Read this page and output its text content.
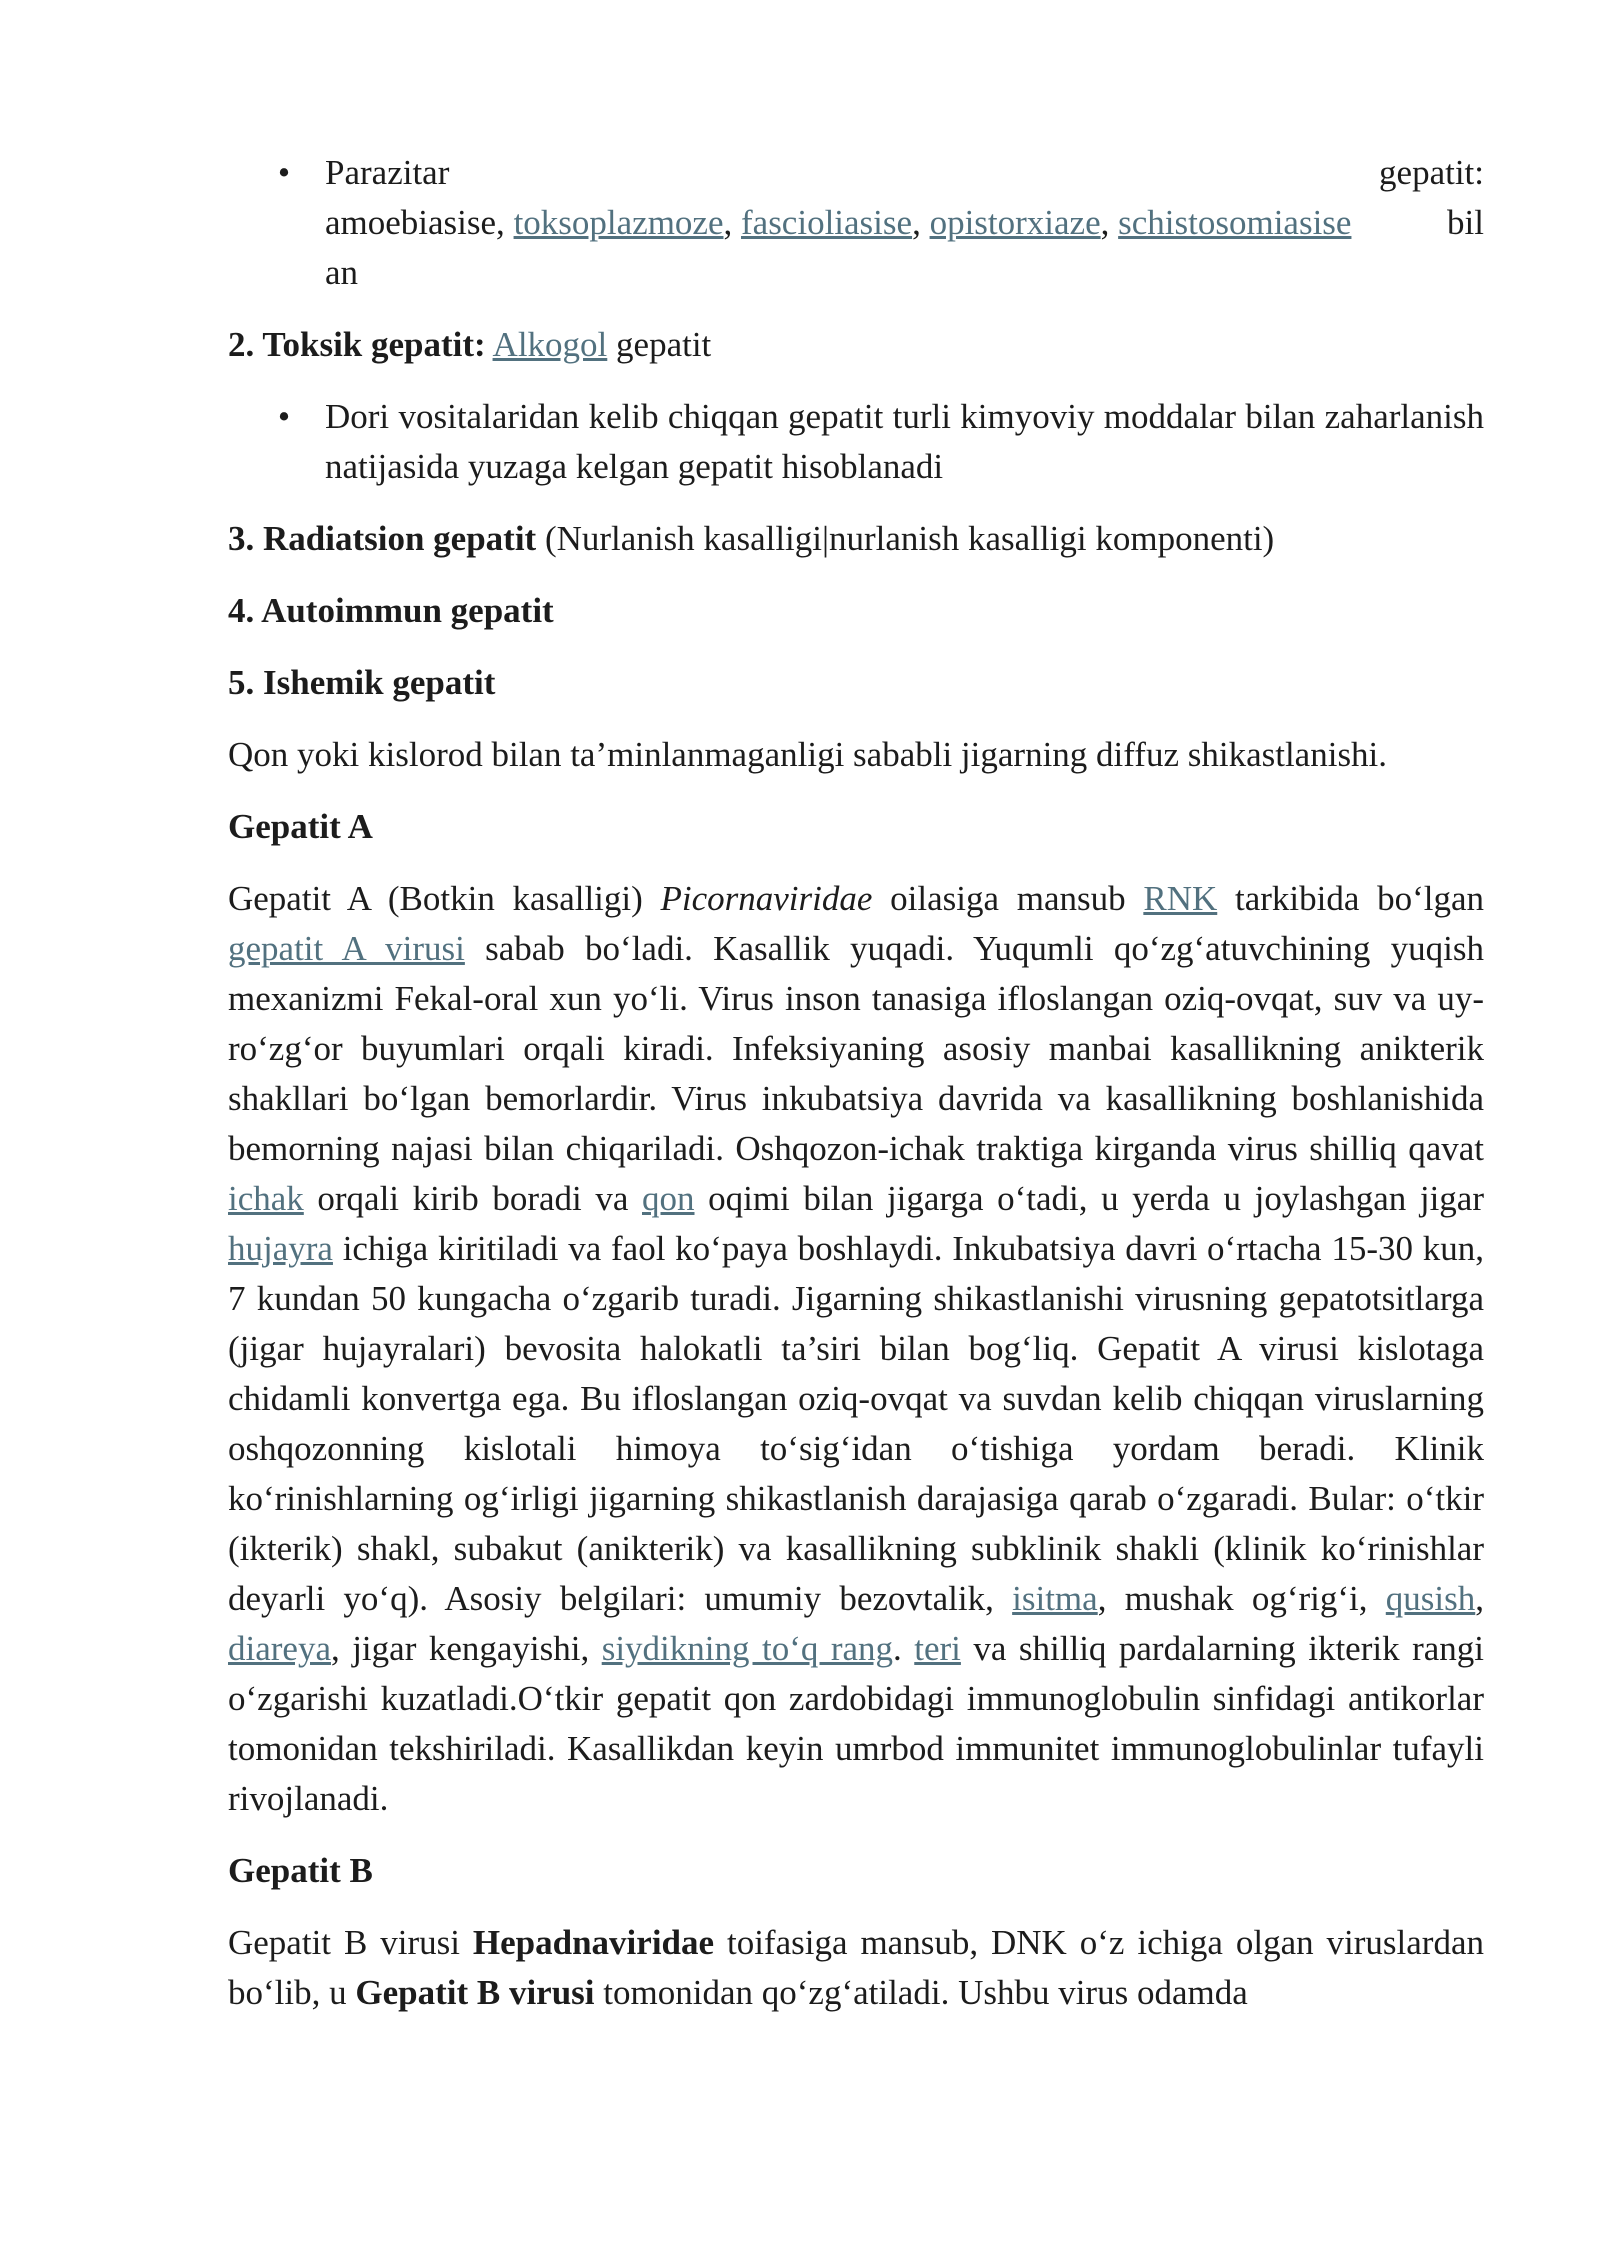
• Parazitar	gepatit:
amoebiasise, toksoplazmoze, fascioliasise, opistorxiaze, schistosomiasise	bil
an

2. Toksik gepatit: Alkogol gepatit

• Dori vositalaridan kelib chiqqan gepatit turli kimyoviy moddalar bilan zaharlanish natijasida yuzaga kelgan gepatit hisoblanadi

3. Radiatsion gepatit (Nurlanish kasalligi|nurlanish kasalligi komponenti)

4. Autoimmun gepatit

5. Ishemik gepatit

Qon yoki kislorod bilan ta’minlanmaganligi sababli jigarning diffuz shikastlanishi.

Gepatit A

Gepatit A (Botkin kasalligi) Picornaviridae oilasiga mansub RNK tarkibida bo‘lgan gepatit A virusi sabab bo‘ladi. Kasallik yuqadi. Yuqumli qo‘zg‘atuvchining yuqish mexanizmi Fekal-oral xun yo‘li. Virus inson tanasiga ifloslangan oziq-ovqat, suv va uy-ro‘zg‘or buyumlari orqali kiradi. Infeksiyaning asosiy manbai kasallikning anikterik shakllari bo‘lgan bemorlardir. Virus inkubatsiya davrida va kasallikning boshlanishida bemorning najasi bilan chiqariladi. Oshqozon-ichak traktiga kirganda virus shilliq qavat ichak orqali kirib boradi va qon oqimi bilan jigarga o‘tadi, u yerda u joylashgan jigar hujayra ichiga kiritiladi va faol ko‘paya boshlaydi. Inkubatsiya davri o‘rtacha 15-30 kun, 7 kundan 50 kungacha o‘zgarib turadi. Jigarning shikastlanishi virusning gepatotsitlarga (jigar hujayralari) bevosita halokatli ta’siri bilan bog‘liq. Gepatit A virusi kislotaga chidamli konvertga ega. Bu ifloslangan oziq-ovqat va suvdan kelib chiqqan viruslarning oshqozonning kislotali himoya to‘sig‘idan o‘tishiga yordam beradi. Klinik ko‘rinishlarning og‘irligi jigarning shikastlanish darajasiga qarab o‘zgaradi. Bular: o‘tkir (ikterik) shakl, subakut (anikterik) va kasallikning subklinik shakli (klinik ko‘rinishlar deyarli yo‘q). Asosiy belgilari: umumiy bezovtalik, isitma, mushak og‘rig‘i, qusish, diareya, jigar kengayishi, siydikning to‘q rang. teri va shilliq pardalarning ikterik rangi o‘zgarishi kuzatladi.O‘tkir gepatit qon zardobidagi immunoglobulin sinfidagi antikorlar tomonidan tekshiriladi. Kasallikdan keyin umrbod immunitet immunoglobulinlar tufayli rivojlanadi.

Gepatit B

Gepatit B virusi Hepadnaviridae toifasiga mansub, DNK o‘z ichiga olgan viruslardan bo‘lib, u Gepatit B virusi tomonidan qo‘zg‘atiladi. Ushbu virus odamda
